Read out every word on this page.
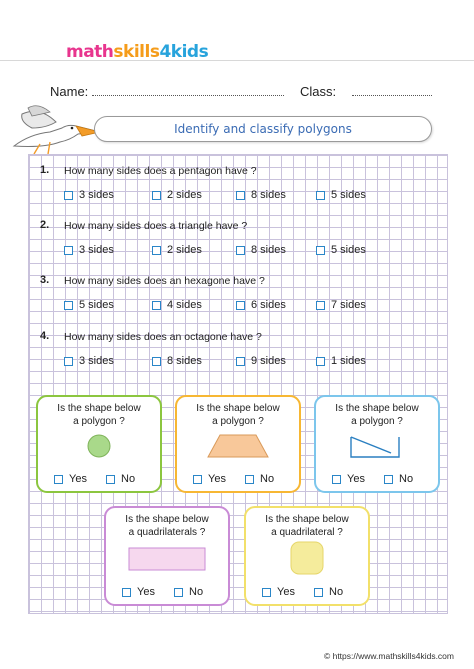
mathskills4kids
Name:	Class:
Identify and classify polygons
1. How many sides does a pentagon have ?
3 sides	2 sides	8 sides	5 sides
2. How many sides does a triangle have ?
3 sides	2 sides	8 sides	5 sides
3. How many sides does an hexagone have ?
5 sides	4 sides	6 sides	7 sides
4. How many sides does an octagone have ?
3 sides	8 sides	9 sides	1 sides
Is the shape below
a polygon ?
Yes	No
Is the shape below
a polygon ?
Yes	No
Is the shape below
a polygon ?
Yes	No
Is the shape below
a quadrilaterals ?
Yes	No
Is the shape below
a quadrilateral ?
Yes	No
© https://www.mathskills4kids.com
